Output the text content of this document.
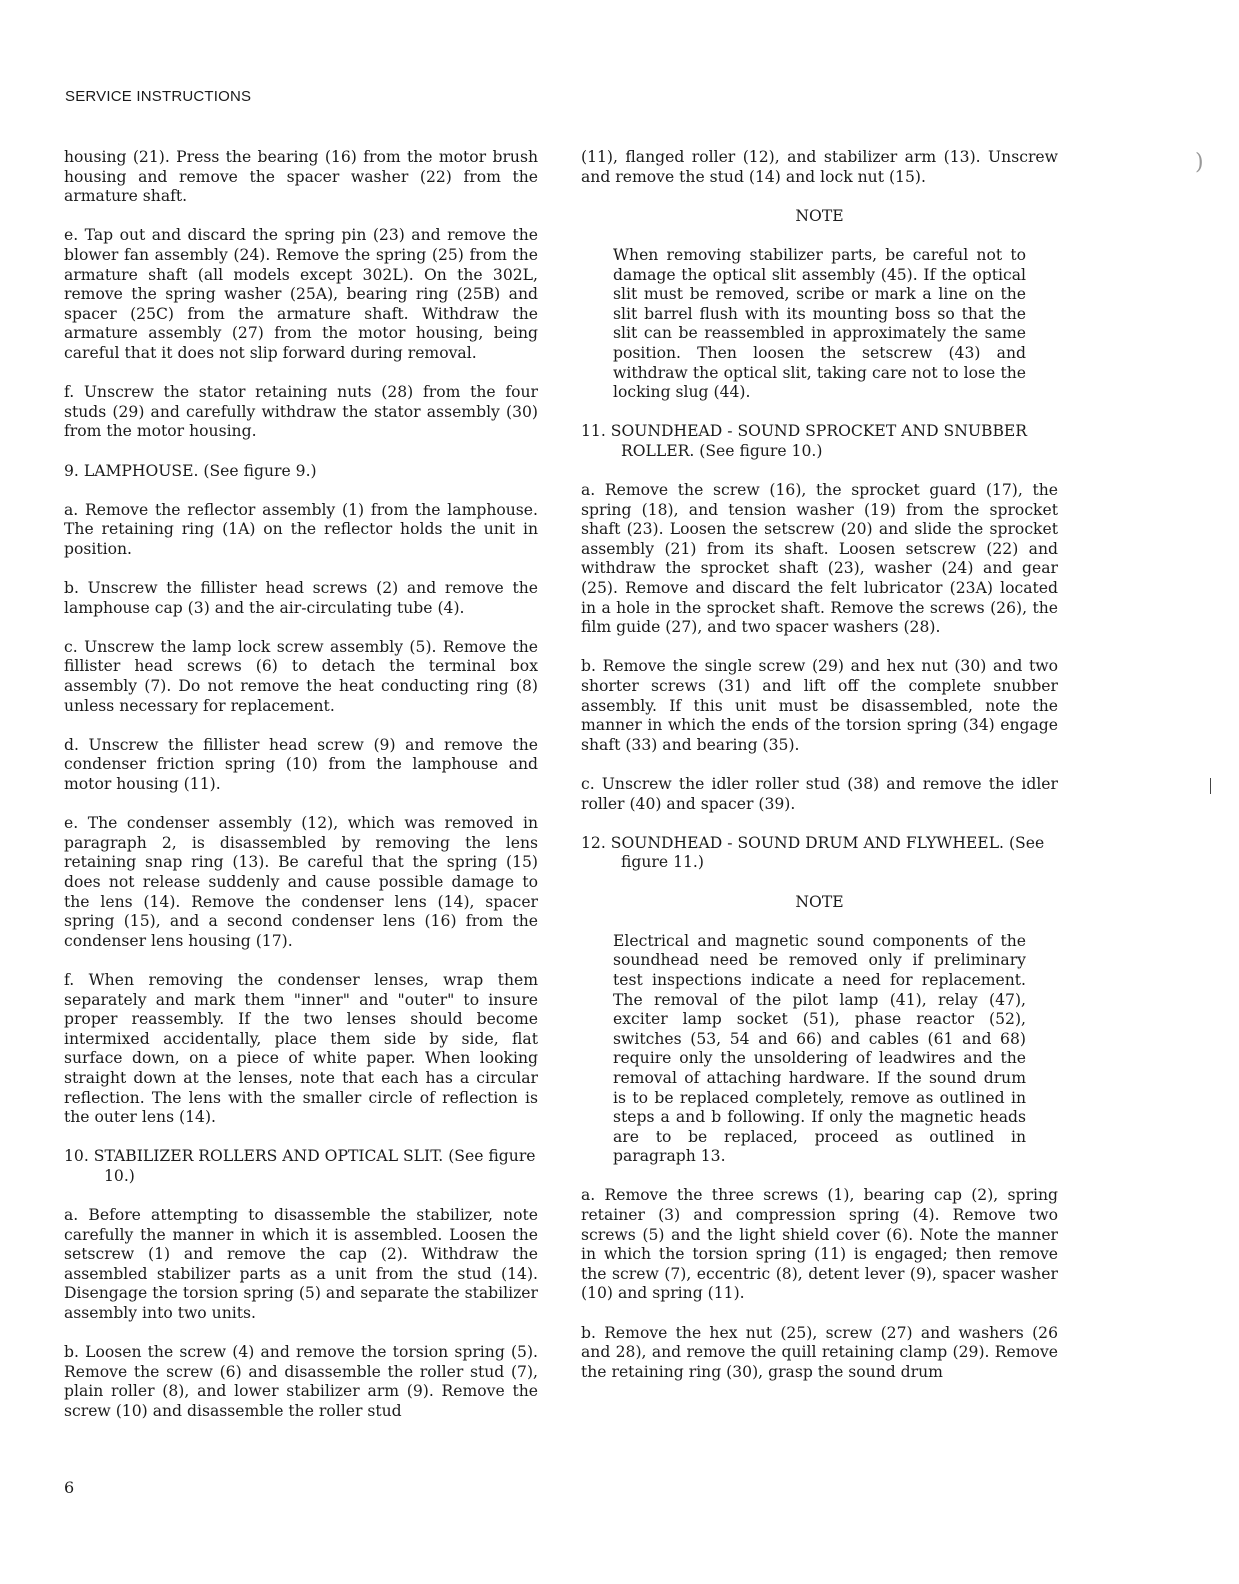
SERVICE INSTRUCTIONS

housing (21). Press the bearing (16) from the motor brush housing and remove the spacer washer (22) from the armature shaft.

e. Tap out and discard the spring pin (23) and remove the blower fan assembly (24). Remove the spring (25) from the armature shaft (all models except 302L). On the 302L, remove the spring washer (25A), bearing ring (25B) and spacer (25C) from the armature shaft. Withdraw the armature assembly (27) from the motor housing, being careful that it does not slip forward during removal.

f. Unscrew the stator retaining nuts (28) from the four studs (29) and carefully withdraw the stator assembly (30) from the motor housing.

9. LAMPHOUSE. (See figure 9.)

a. Remove the reflector assembly (1) from the lamphouse. The retaining ring (1A) on the reflector holds the unit in position.

b. Unscrew the fillister head screws (2) and remove the lamphouse cap (3) and the air-circulating tube (4).

c. Unscrew the lamp lock screw assembly (5). Remove the fillister head screws (6) to detach the terminal box assembly (7). Do not remove the heat conducting ring (8) unless necessary for replacement.

d. Unscrew the fillister head screw (9) and remove the condenser friction spring (10) from the lamphouse and motor housing (11).

e. The condenser assembly (12), which was removed in paragraph 2, is disassembled by removing the lens retaining snap ring (13). Be careful that the spring (15) does not release suddenly and cause possible damage to the lens (14). Remove the condenser lens (14), spacer spring (15), and a second condenser lens (16) from the condenser lens housing (17).

f. When removing the condenser lenses, wrap them separately and mark them "inner" and "outer" to insure proper reassembly. If the two lenses should become intermixed accidentally, place them side by side, flat surface down, on a piece of white paper. When looking straight down at the lenses, note that each has a circular reflection. The lens with the smaller circle of reflection is the outer lens (14).

10. STABILIZER ROLLERS AND OPTICAL SLIT. (See figure 10.)

a. Before attempting to disassemble the stabilizer, note carefully the manner in which it is assembled. Loosen the setscrew (1) and remove the cap (2). Withdraw the assembled stabilizer parts as a unit from the stud (14). Disengage the torsion spring (5) and separate the stabilizer assembly into two units.

b. Loosen the screw (4) and remove the torsion spring (5). Remove the screw (6) and disassemble the roller stud (7), plain roller (8), and lower stabilizer arm (9). Remove the screw (10) and disassemble the roller stud

(11), flanged roller (12), and stabilizer arm (13). Unscrew and remove the stud (14) and lock nut (15).

NOTE

When removing stabilizer parts, be careful not to damage the optical slit assembly (45). If the optical slit must be removed, scribe or mark a line on the slit barrel flush with its mounting boss so that the slit can be reassembled in approximately the same position. Then loosen the setscrew (43) and withdraw the optical slit, taking care not to lose the locking slug (44).

11. SOUNDHEAD - SOUND SPROCKET AND SNUBBER ROLLER. (See figure 10.)

a. Remove the screw (16), the sprocket guard (17), the spring (18), and tension washer (19) from the sprocket shaft (23). Loosen the setscrew (20) and slide the sprocket assembly (21) from its shaft. Loosen setscrew (22) and withdraw the sprocket shaft (23), washer (24) and gear (25). Remove and discard the felt lubricator (23A) located in a hole in the sprocket shaft. Remove the screws (26), the film guide (27), and two spacer washers (28).

b. Remove the single screw (29) and hex nut (30) and two shorter screws (31) and lift off the complete snubber assembly. If this unit must be disassembled, note the manner in which the ends of the torsion spring (34) engage shaft (33) and bearing (35).

c. Unscrew the idler roller stud (38) and remove the idler roller (40) and spacer (39).

12. SOUNDHEAD - SOUND DRUM AND FLYWHEEL. (See figure 11.)

NOTE

Electrical and magnetic sound components of the soundhead need be removed only if preliminary test inspections indicate a need for replacement. The removal of the pilot lamp (41), relay (47), exciter lamp socket (51), phase reactor (52), switches (53, 54 and 66) and cables (61 and 68) require only the unsoldering of leadwires and the removal of attaching hardware. If the sound drum is to be replaced completely, remove as outlined in steps a and b following. If only the magnetic heads are to be replaced, proceed as outlined in paragraph 13.

a. Remove the three screws (1), bearing cap (2), spring retainer (3) and compression spring (4). Remove two screws (5) and the light shield cover (6). Note the manner in which the torsion spring (11) is engaged; then remove the screw (7), eccentric (8), detent lever (9), spacer washer (10) and spring (11).

b. Remove the hex nut (25), screw (27) and washers (26 and 28), and remove the quill retaining clamp (29). Remove the retaining ring (30), grasp the sound drum

6
)
